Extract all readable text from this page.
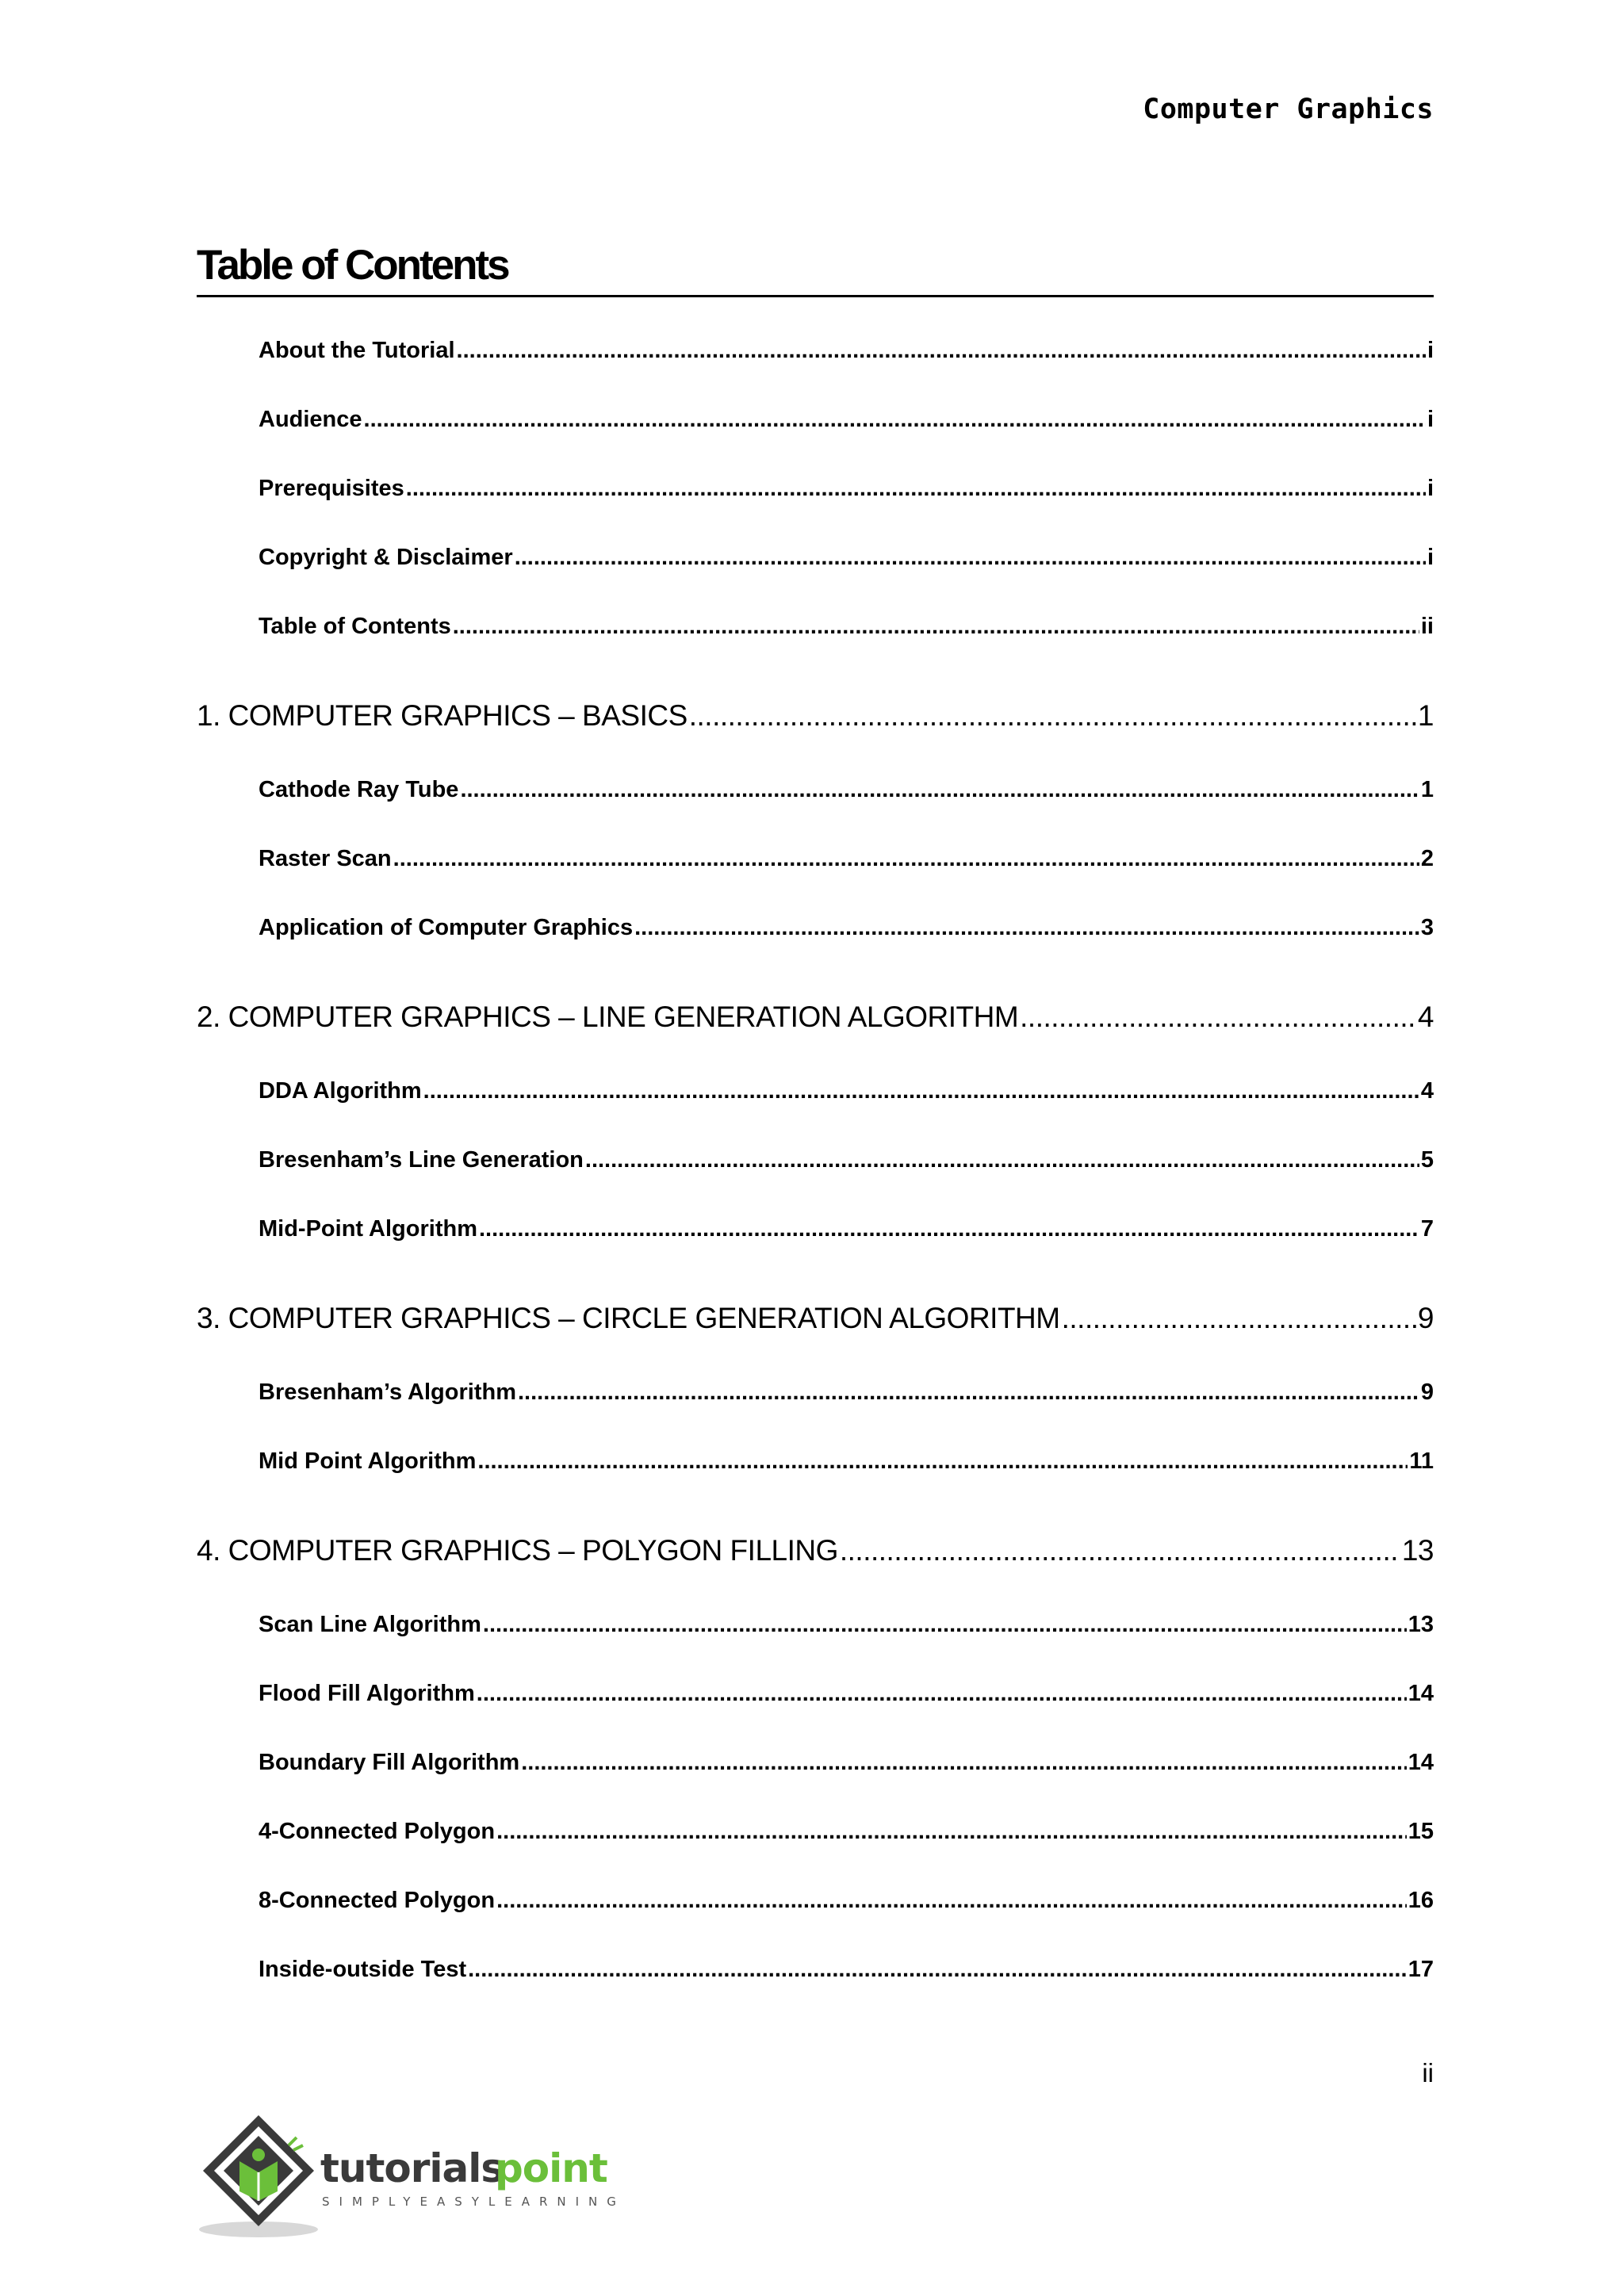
Computer Graphics
Table of Contents
About the Tutorial .....	i
Audience .....	i
Prerequisites .....	i
Copyright & Disclaimer .....	i
Table of Contents .....	ii
1. COMPUTER GRAPHICS – BASICS .....	1
Cathode Ray Tube .....	1
Raster Scan .....	2
Application of Computer Graphics .....	3
2. COMPUTER GRAPHICS – LINE GENERATION ALGORITHM .....	4
DDA Algorithm .....	4
Bresenham’s Line Generation .....	5
Mid-Point Algorithm .....	7
3. COMPUTER GRAPHICS – CIRCLE GENERATION ALGORITHM .....	9
Bresenham’s Algorithm .....	9
Mid Point Algorithm .....	11
4. COMPUTER GRAPHICS – POLYGON FILLING .....	13
Scan Line Algorithm .....	13
Flood Fill Algorithm .....	14
Boundary Fill Algorithm .....	14
4-Connected Polygon .....	15
8-Connected Polygon .....	16
Inside-outside Test .....	17
ii
tutorials
point
SIMPLYEASYLEARNING
